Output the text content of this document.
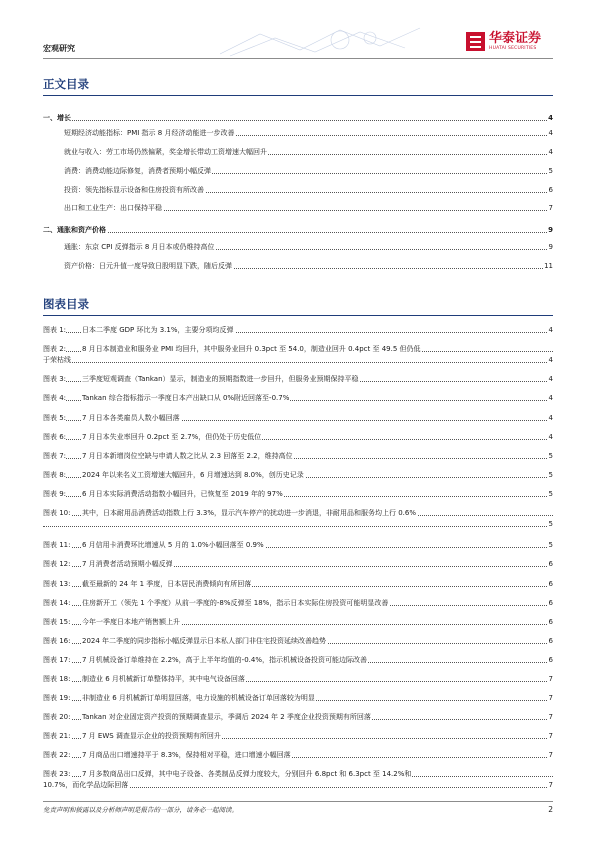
宏观研究
华泰证券
HUATAI SECURITIES
正文目录
一、增长	4
短期经济动能指标：PMI 指示 8 月经济动能进一步改善	4
就业与收入：劳工市场仍然偏紧，奖金增长带动工资增速大幅回升	4
消费：消费动能边际修复，消费者预期小幅反弹	5
投资：领先指标显示设备和住房投资有所改善	6
出口和工业生产：出口保持平稳	7
二、通胀和资产价格	9
通胀：东京 CPI 反弹指示 8 月日本或仍维持高位	9
资产价格：日元升值一度导致日股明显下跌，随后反弹	11
图表目录
图表 1: 日本二季度 GDP 环比为 3.1%，主要分项均反弹	4
图表 2: 8 月日本制造业和服务业 PMI 均回升，其中服务业回升 0.3pct 至 54.0，制造业回升 0.4pct 至 49.5 但仍低
于荣枯线	4
图表 3: 三季度短观调查（Tankan）显示，制造业的预期指数进一步回升，但服务业预期保持平稳	4
图表 4: Tankan 综合指标指示一季度日本产出缺口从 0%附近回落至-0.7%	4
图表 5: 7 月日本各类雇员人数小幅回落	4
图表 6: 7 月日本失业率回升 0.2pct 至 2.7%，但仍处于历史低位	4
图表 7: 7 月日本新增岗位空缺与申请人数之比从 2.3 回落至 2.2，维持高位	5
图表 8: 2024 年以来名义工资增速大幅回升，6 月增速达到 8.0%，创历史记录	5
图表 9: 6 月日本实际消费活动指数小幅回升，已恢复至 2019 年的 97%	5
图表 10: 其中，日本耐用品消费活动指数上行 3.3%，显示汽车停产的扰动进一步消退，非耐用品和服务均上行 0.6%
5
图表 11: 6 月信用卡消费环比增速从 5 月的 1.0%小幅回落至 0.9%	5
图表 12: 7 月消费者活动预期小幅反弹	6
图表 13: 截至最新的 24 年 1 季度，日本居民消费倾向有所回落	6
图表 14: 住房新开工（领先 1 个季度）从前一季度的-8%反弹至 18%，指示日本实际住房投资可能明显改善	6
图表 15: 今年一季度日本地产销售额上升	6
图表 16: 2024 年二季度的同步指标小幅反弹显示日本私人部门非住宅投资延续改善趋势	6
图表 17: 7 月机械设备订单维持在 2.2%，高于上半年均值的-0.4%，指示机械设备投资可能边际改善	6
图表 18: 制造业 6 月机械新订单整体持平，其中电气设备回落	7
图表 19: 非制造业 6 月机械新订单明显回落，电力设施的机械设备订单回落较为明显	7
图表 20: Tankan 对企业固定资产投资的预期调查显示，季调后 2024 年 2 季度企业投资预期有所回落	7
图表 21: 7 月 EWS 调查显示企业的投资预期有所回升	7
图表 22: 7 月商品出口增速持平于 8.3%，保持相对平稳，进口增速小幅回落	7
图表 23: 7 月多数商品出口反弹，其中电子设备、各类制品反弹力度较大，分别回升 6.8pct 和 6.3pct 至 14.2%和
10.7%，而化学品边际回落	7
免责声明和披露以及分析师声明是报告的一部分，请务必一起阅读。	2
